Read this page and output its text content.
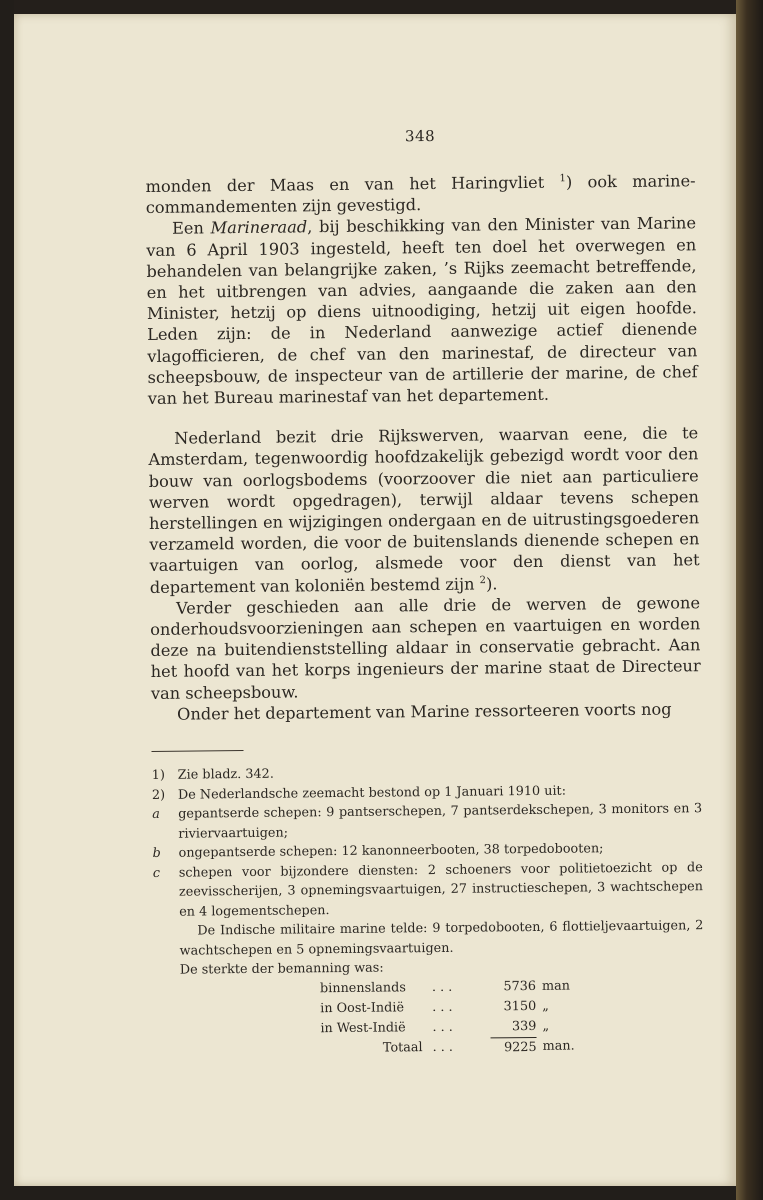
348

monden der Maas en van het Haringvliet $^1$) ook marine-commandementen zijn gevestigd.

Een Marineraad, bij beschikking van den Minister van Marine van 6 April 1903 ingesteld, heeft ten doel het overwegen en behandelen van belangrijke zaken, ’s Rijks zeemacht betreffende, en het uitbrengen van advies, aangaande die zaken aan den Minister, hetzij op diens uitnoodiging, hetzij uit eigen hoofde. Leden zijn: de in Nederland aanwezige actief dienende vlagofficieren, de chef van den marinestaf, de directeur van scheepsbouw, de inspecteur van de artillerie der marine, de chef van het Bureau marinestaf van het departement.

Nederland bezit drie Rijkswerven, waarvan eene, die te Amsterdam, tegenwoordig hoofdzakelijk gebezigd wordt voor den bouw van oorlogsbodems (voorzoover die niet aan particuliere werven wordt opgedragen), terwijl aldaar tevens schepen herstellingen en wijzigingen ondergaan en de uitrustingsgoederen verzameld worden, die voor de buitenslands dienende schepen en vaartuigen van oorlog, alsmede voor den dienst van het departement van koloniën bestemd zijn $^2$).

Verder geschieden aan alle drie de werven de gewone onderhoudsvoorzieningen aan schepen en vaartuigen en worden deze na buitendienststelling aldaar in conservatie gebracht. Aan het hoofd van het korps ingenieurs der marine staat de Directeur van scheepsbouw.

Onder het departement van Marine ressorteeren voorts nog

1) Zie bladz. 342.

2) De Nederlandsche zeemacht bestond op 1 Januari 1910 uit:

a	gepantserde schepen: 9 pantserschepen, 7 pantserdekschepen, 3 monitors en 3 riviervaartuigen;

b	ongepantserde schepen: 12 kanonneerbooten, 38 torpedobooten;

c	schepen voor bijzondere diensten: 2 schoeners voor politietoezicht op de zeevisscherijen, 3 opnemingsvaartuigen, 27 instructieschepen, 3 wachtschepen en 4 logementschepen.

De Indische militaire marine telde: 9 torpedobooten, 6 flottieljevaartuigen, 2 wachtschepen en 5 opnemingsvaartuigen.

De sterkte der bemanning was:

binnenslands	. . .	5736	man
in Oost-Indië	. . .	3150	„
in West-Indië	. . .	339	„
Totaal	. . .	9225	man.
